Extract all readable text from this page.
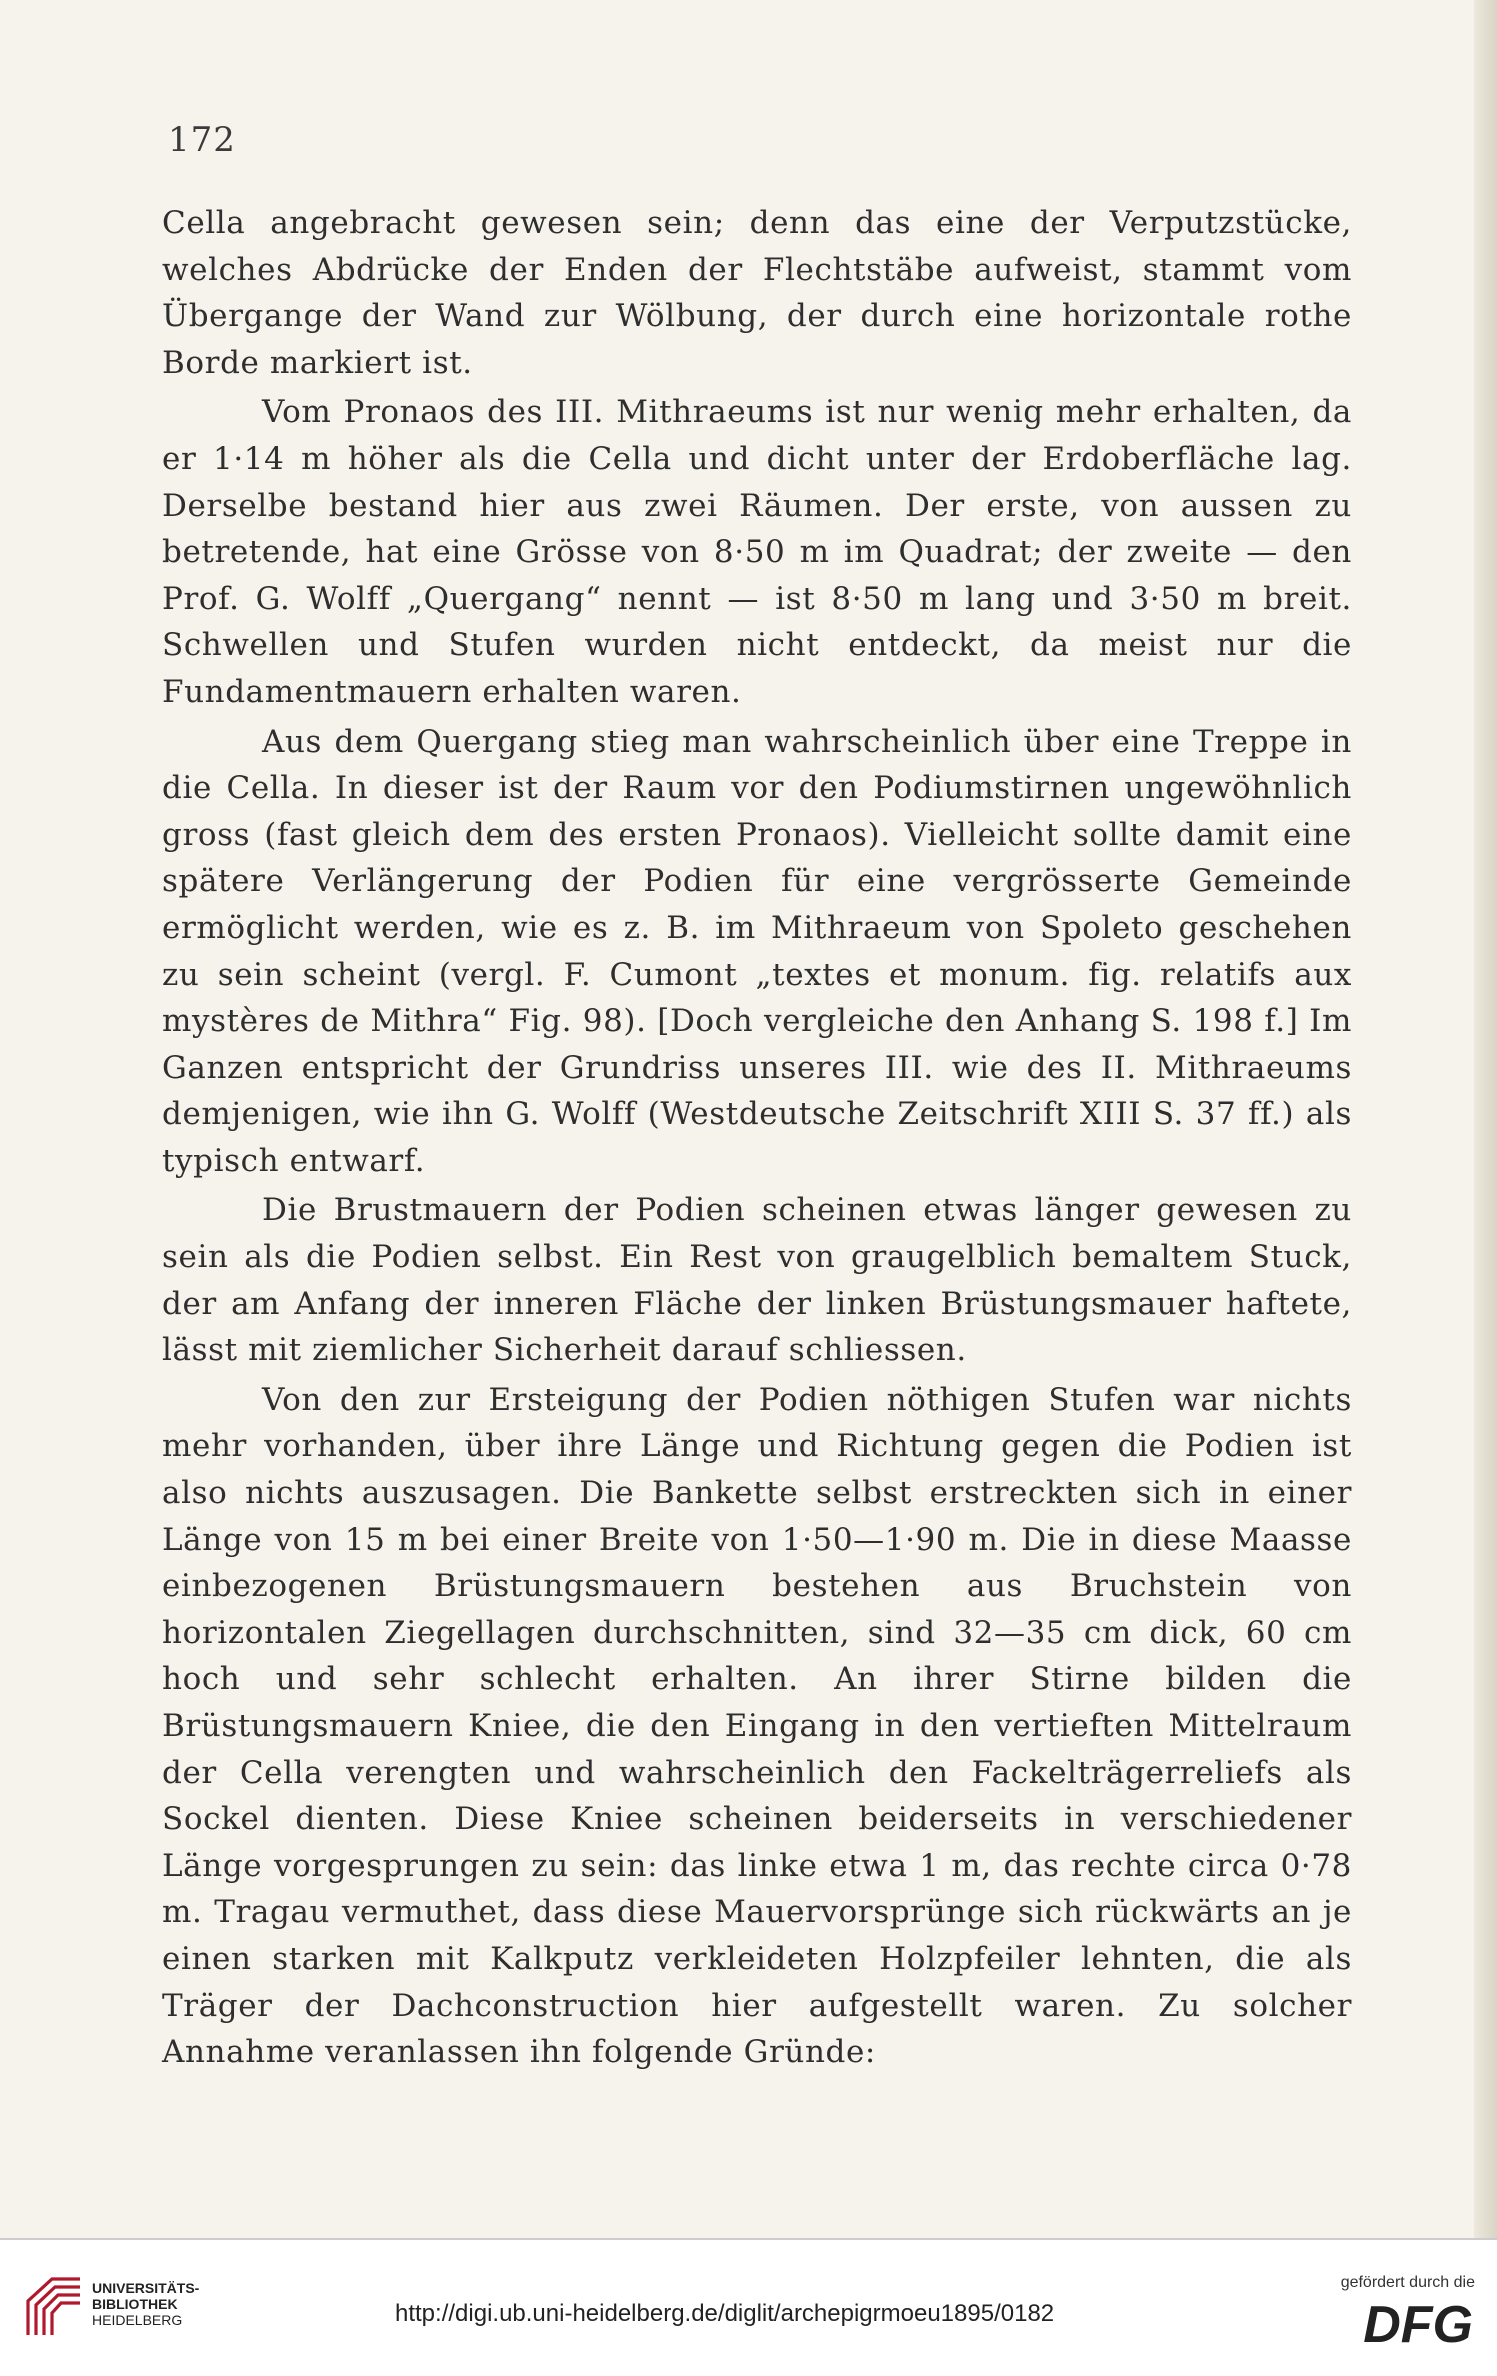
172

Cella angebracht gewesen sein; denn das eine der Verputzstücke, welches Abdrücke der Enden der Flechtstäbe aufweist, stammt vom Übergange der Wand zur Wölbung, der durch eine horizontale rothe Borde markiert ist.

Vom Pronaos des III. Mithraeums ist nur wenig mehr erhalten, da er 1·14 m höher als die Cella und dicht unter der Erdoberfläche lag. Derselbe bestand hier aus zwei Räumen. Der erste, von aussen zu betretende, hat eine Grösse von 8·50 m im Quadrat; der zweite — den Prof. G. Wolff „Quergang“ nennt — ist 8·50 m lang und 3·50 m breit. Schwellen und Stufen wurden nicht entdeckt, da meist nur die Fundamentmauern erhalten waren.

Aus dem Quergang stieg man wahrscheinlich über eine Treppe in die Cella. In dieser ist der Raum vor den Podiumstirnen ungewöhnlich gross (fast gleich dem des ersten Pronaos). Vielleicht sollte damit eine spätere Verlängerung der Podien für eine vergrösserte Gemeinde ermöglicht werden, wie es z. B. im Mithraeum von Spoleto geschehen zu sein scheint (vergl. F. Cumont „textes et monum. fig. relatifs aux mystères de Mithra“ Fig. 98). [Doch vergleiche den Anhang S. 198 f.] Im Ganzen entspricht der Grundriss unseres III. wie des II. Mithraeums demjenigen, wie ihn G. Wolff (Westdeutsche Zeitschrift XIII S. 37 ff.) als typisch entwarf.

Die Brustmauern der Podien scheinen etwas länger gewesen zu sein als die Podien selbst. Ein Rest von graugelblich bemaltem Stuck, der am Anfang der inneren Fläche der linken Brüstungsmauer haftete, lässt mit ziemlicher Sicherheit darauf schliessen.

Von den zur Ersteigung der Podien nöthigen Stufen war nichts mehr vorhanden, über ihre Länge und Richtung gegen die Podien ist also nichts auszusagen. Die Bankette selbst erstreckten sich in einer Länge von 15 m bei einer Breite von 1·50—1·90 m. Die in diese Maasse einbezogenen Brüstungsmauern bestehen aus Bruchstein von horizontalen Ziegellagen durchschnitten, sind 32—35 cm dick, 60 cm hoch und sehr schlecht erhalten. An ihrer Stirne bilden die Brüstungsmauern Kniee, die den Eingang in den vertieften Mittelraum der Cella verengten und wahrscheinlich den Fackelträgerreliefs als Sockel dienten. Diese Kniee scheinen beiderseits in verschiedener Länge vorgesprungen zu sein: das linke etwa 1 m, das rechte circa 0·78 m. Tragau vermuthet, dass diese Mauervorsprünge sich rückwärts an je einen starken mit Kalkputz verkleideten Holzpfeiler lehnten, die als Träger der Dachconstruction hier aufgestellt waren. Zu solcher Annahme veranlassen ihn folgende Gründe:

UNIVERSITÄTS-
BIBLIOTHEK
HEIDELBERG	http://digi.ub.uni-heidelberg.de/diglit/archepigrmoeu1895/0182
gefördert durch die
DFG
